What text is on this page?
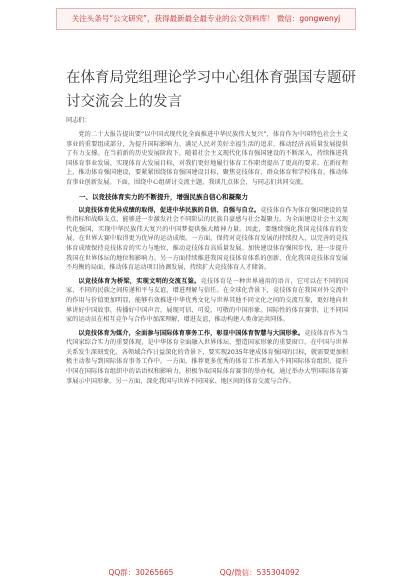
关注头条号“公文研究”，获得最新最全最专业的公文资料库！ 微信：gongwenyj
在体育局党组理论学习中心组体育强国专题研讨交流会上的发言
同志们：

党的二十大报告提出要“以中国式现代化全面推进中华民族伟大复兴”，体育作为中国特色社会主义事业的重要组成部分，为提升国际影响力、满足人民对美好幸福生活的追求、推动经济高质量发展提供了有力支撑。在当前新的历史发展阶段下，随着社会主义现代化体育强国建设的不断深入，持续推进我国体育事业发展，实现体育大发展目标，对我们更好地履行体育工作职责提出了更高的要求。在新征程上，推动体育强国建设，要紧紧围绕体育强国建设目标，聚焦竞技体育、群众体育和学校体育，推动体育事业创新发展。下面，围绕中心组研讨交流主题，我谈几点体会，与同志们共同交流。

一、以竞技体育实力的不断提升，增强民族自信心和凝聚力

以竞技体育优异成绩的取得，促进中华民族的自信、自强与自立。竞技体育作为体育强国建设的显性指标和战略支点，能够进一步激发社会不同阶层的民族自豪感与社会凝聚力。为全面建设社会主义现代化强国，实现中华民族伟大复兴的中国梦提供强大精神力量。因此，要继续强化我国竞技体育的发展，在世界大赛中取得更为优异的运动成绩。一方面，保持对竞技体育发展的持续投入，以完善的竞技体育成绩保持竞技体育的实力与地位，推动竞技体育高质量发展。加快建设体育强国步伐，进一步提升我国在世界体坛的地位和影响力。另一方面持续推进我国竞技体育体系的创新，优化我国竞技体育发展不均衡的局面，推动体育运动项目协调发展，持续扩大竞技体育人才储备。

以竞技体育为桥梁，实现文明的交流互鉴。竞技体育是一种世界通用的语言，它可以在不同的国家、不同的民族之间传递和平与友谊，增进理解与信任。在全球化背景下，竞技体育在我国对外交流中的作用与价值更加明显，能够有效推进中华优秀文化与世界其他不同文化之间的交流互鉴，更好地向世界讲好中国故事，传播好中国声音，展现可信、可爱、可敬的中国形象。国际性的体育赛事，让不同国家的运动员在相互竞争与合作中加深理解，增进友谊，推动构建人类命运共同体。

以竞技体育为媒介，全面参与国际体育事务工作，彰显中国体育智慧与大国形象。竞技体育作为当代国家综合实力的重要体现，是中华体育全面融入世界体坛、塑造国家形象的重要窗口。在中国与世界关系发生深刻变化、各领域合作日益深化的背景下，要实现2035年建成体育强国的目标，就需要更加积极主动参与到国际体育事务工作中。一方面，推荐更多优秀的体育工作者加入不同国际体育组织，提升中国在国际体育组织中的话语权和影响力，积极争取国际体育赛事的举办权，通过举办大型国际体育赛事展示中国形象。另一方面，深化我国与世界不同国家、地区间的体育交流与合作。

QQ群：30265665	QQ/微信：535304092
